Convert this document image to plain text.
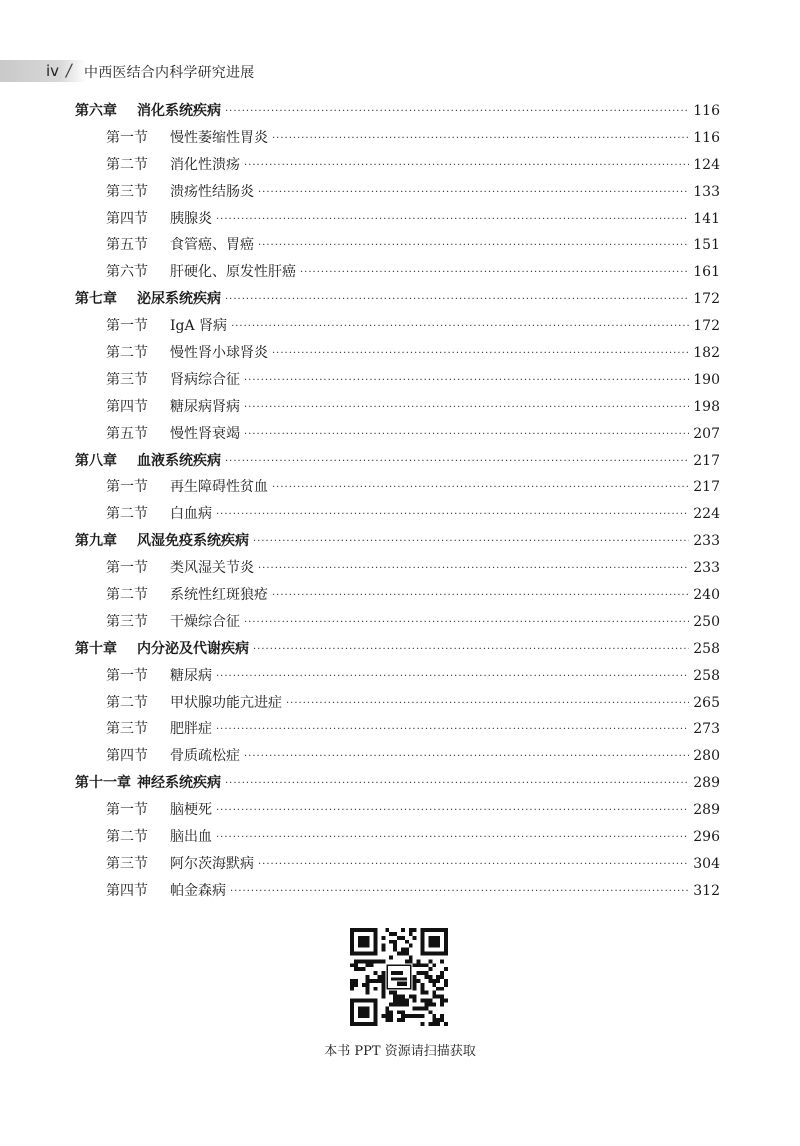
iv / 中西医结合内科学研究进展
第六章	消化系统疾病 ·····	116
第一节	慢性萎缩性胃炎 ·····	116
第二节	消化性溃疡 ·····	124
第三节	溃疡性结肠炎 ·····	133
第四节	胰腺炎 ·····	141
第五节	食管癌、胃癌 ·····	151
第六节	肝硬化、原发性肝癌 ·····	161
第七章	泌尿系统疾病 ·····	172
第一节	IgA 肾病 ·····	172
第二节	慢性肾小球肾炎 ·····	182
第三节	肾病综合征 ·····	190
第四节	糖尿病肾病 ·····	198
第五节	慢性肾衰竭 ·····	207
第八章	血液系统疾病 ·····	217
第一节	再生障碍性贫血 ·····	217
第二节	白血病 ·····	224
第九章	风湿免疫系统疾病 ·····	233
第一节	类风湿关节炎 ·····	233
第二节	系统性红斑狼疮 ·····	240
第三节	干燥综合征 ·····	250
第十章	内分泌及代谢疾病 ·····	258
第一节	糖尿病 ·····	258
第二节	甲状腺功能亢进症 ·····	265
第三节	肥胖症 ·····	273
第四节	骨质疏松症 ·····	280
第十一章 神经系统疾病 ·····	289
第一节	脑梗死 ·····	289
第二节	脑出血 ·····	296
第三节	阿尔茨海默病 ·····	304
第四节	帕金森病 ·····	312
本书 PPT 资源请扫描获取
